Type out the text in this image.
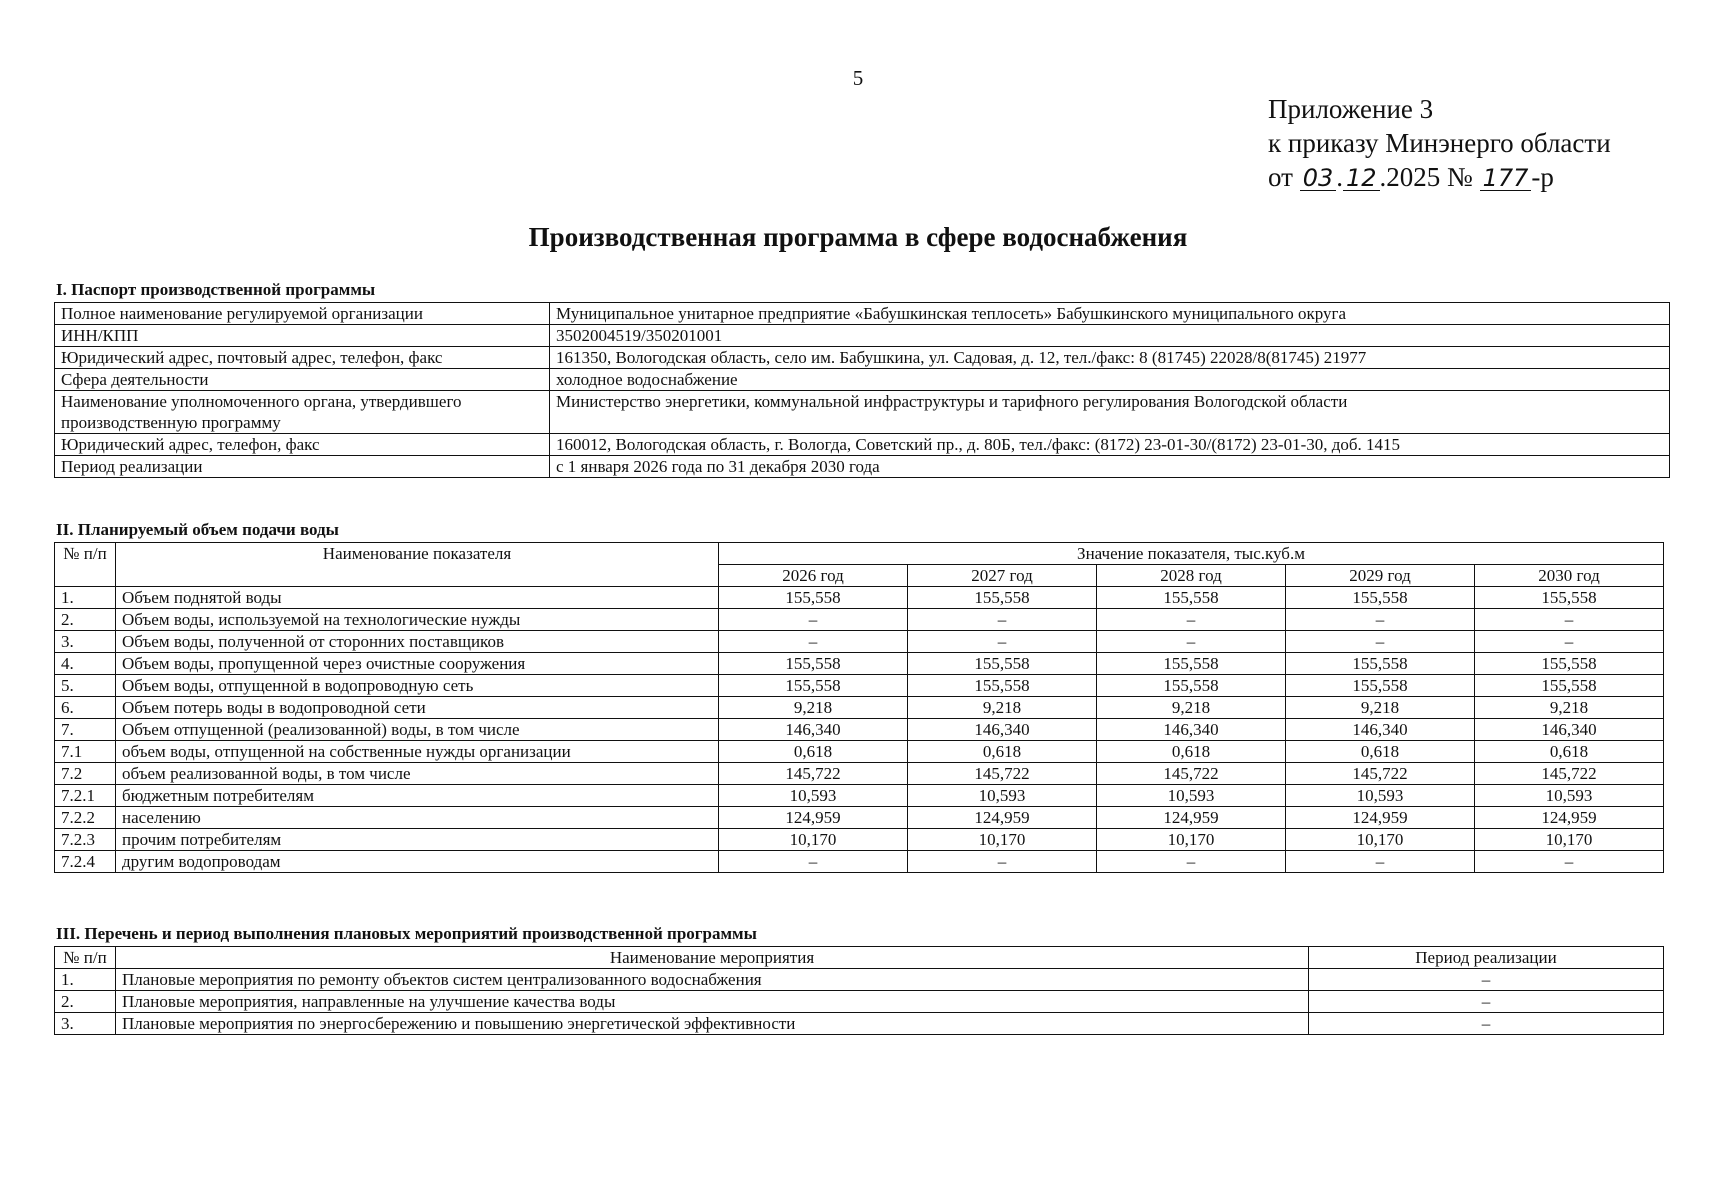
5
Приложение 3
к приказу Минэнерго области
от 03 . 12 .2025 № 177 -р
Производственная программа в сфере водоснабжения
I. Паспорт производственной программы
Полное наименование регулируемой организации	Муниципальное унитарное предприятие «Бабушкинская теплосеть» Бабушкинского муниципального округа
ИНН/КПП	3502004519/350201001
Юридический адрес, почтовый адрес, телефон, факс	161350, Вологодская область, село им. Бабушкина, ул. Садовая, д. 12, тел./факс: 8 (81745) 22028/8(81745) 21977
Сфера деятельности	холодное водоснабжение
Наименование уполномоченного органа, утвердившего производственную программу	Министерство энергетики, коммунальной инфраструктуры и тарифного регулирования Вологодской области
Юридический адрес, телефон, факс	160012, Вологодская область, г. Вологда, Советский пр., д. 80Б, тел./факс: (8172) 23-01-30/(8172) 23-01-30, доб. 1415
Период реализации	с 1 января 2026 года по 31 декабря 2030 года
II. Планируемый объем подачи воды
№ п/п	Наименование показателя	Значение показателя, тыс.куб.м				
		2026 год	2027 год	2028 год	2029 год	2030 год
1.	Объем поднятой воды	155,558	155,558	155,558	155,558	155,558
2.	Объем воды, используемой на технологические нужды	–	–	–	–	–
3.	Объем воды, полученной от сторонних поставщиков	–	–	–	–	–
4.	Объем воды, пропущенной через очистные сооружения	155,558	155,558	155,558	155,558	155,558
5.	Объем воды, отпущенной в водопроводную сеть	155,558	155,558	155,558	155,558	155,558
6.	Объем потерь воды в водопроводной сети	9,218	9,218	9,218	9,218	9,218
7.	Объем отпущенной (реализованной) воды, в том числе	146,340	146,340	146,340	146,340	146,340
7.1	объем воды, отпущенной на собственные нужды организации	0,618	0,618	0,618	0,618	0,618
7.2	объем реализованной воды, в том числе	145,722	145,722	145,722	145,722	145,722
7.2.1	бюджетным потребителям	10,593	10,593	10,593	10,593	10,593
7.2.2	населению	124,959	124,959	124,959	124,959	124,959
7.2.3	прочим потребителям	10,170	10,170	10,170	10,170	10,170
7.2.4	другим водопроводам	–	–	–	–	–
III. Перечень и период выполнения плановых мероприятий производственной программы
№ п/п	Наименование мероприятия	Период реализации
1.	Плановые мероприятия по ремонту объектов систем централизованного водоснабжения	–
2.	Плановые мероприятия, направленные на улучшение качества воды	–
3.	Плановые мероприятия по энергосбережению и повышению энергетической эффективности	–
